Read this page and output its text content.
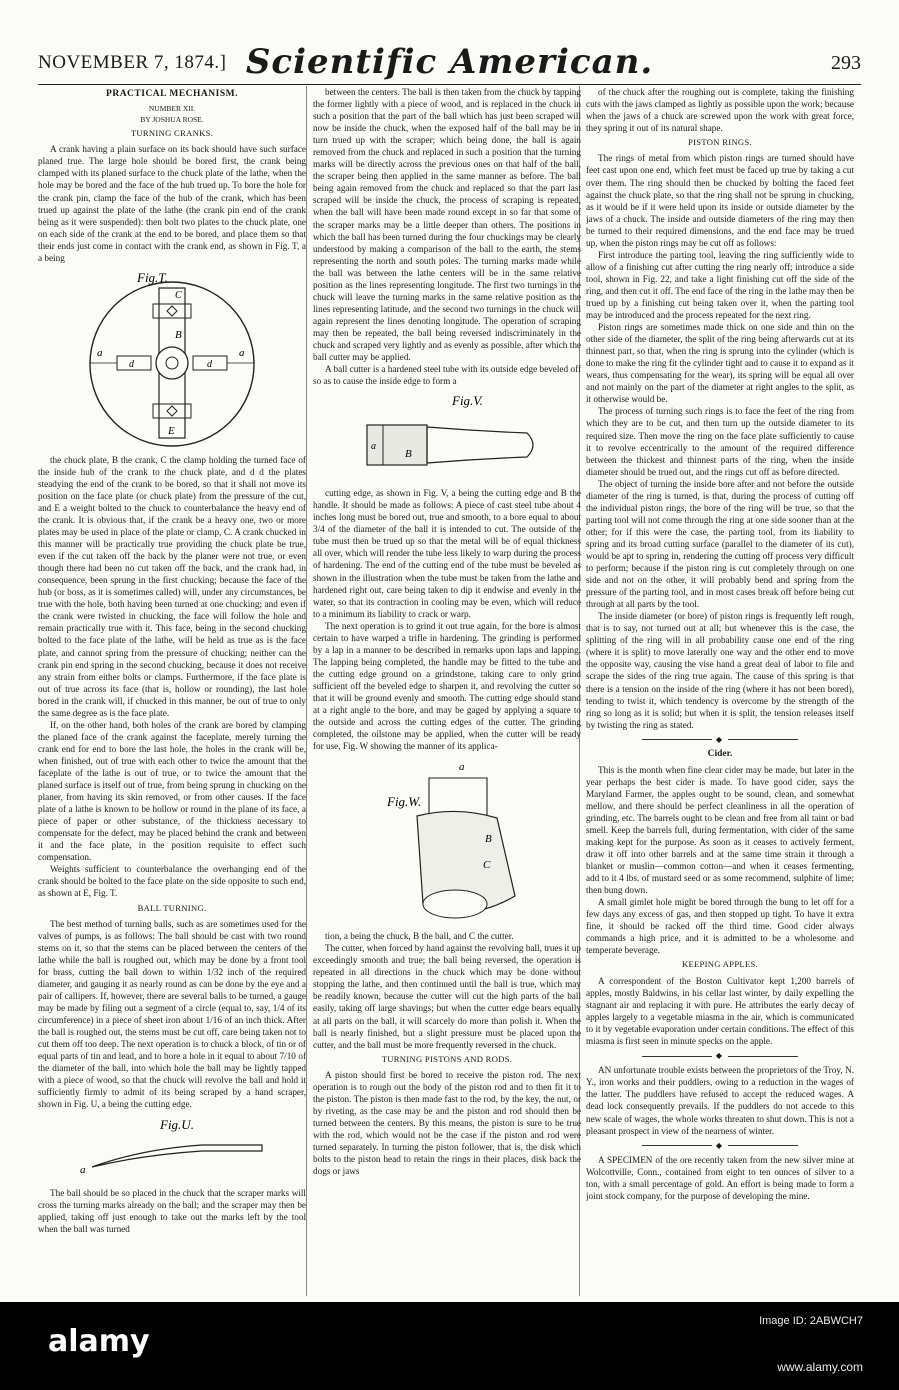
NOVEMBER 7, 1874.] Scientific American.	293
PRACTICAL MECHANISM.
NUMBER XII.
BY JOSHUA ROSE.
TURNING CRANKS.

A crank having a plain surface on its back should have such surface planed true. The large hole should be bored first, the crank being clamped with its planed surface to the chuck plate of the lathe, when the hole may be bored and the face of the hub trued up. To bore the hole for the crank pin, clamp the face of the hub of the crank, which has been trued up against the plate of the lathe (the crank pin end of the crank being as it were suspended): then bolt two plates to the chuck plate, one on each side of the crank at the end to be bored, and place them so that their ends just come in contact with the crank end, as shown in Fig. T, a a being

Fig.T.
a	a
B
C
d	d
E

the chuck plate, B the crank, C the clamp holding the turned face of the inside hub of the crank to the chuck plate, and d d the plates steadying the end of the crank to be bored, so that it shall not move its position on the face plate (or chuck plate) from the pressure of the cut, and E a weight bolted to the chuck to counterbalance the heavy end of the crank. It is obvious that, if the crank be a heavy one, two or more plates may be used in place of the plate or clamp, C. A crank chucked in this manner will be practically true providing the chuck plate be true, even if the cut taken off the back by the planer were not true, or even though there had been no cut taken off the back, and the crank had, in consequence, been sprung in the first chucking; because the face of the hub (or boss, as it is sometimes called) will, under any circumstances, be true with the hole, both having been turned at one chucking; and even if the crank were twisted in chucking, the face will follow the hole and remain practically true with it. This face, being in the second chucking bolted to the face plate of the lathe, will be held as true as is the face plate, and cannot spring from the pressure of chucking; neither can the crank pin end spring in the second chucking, because it does not receive any strain from either bolts or clamps. Furthermore, if the face plate is out of true across its face (that is, hollow or rounding), the last hole bored in the crank will, if chucked in this manner, be out of true to only the same degree as is the face plate.

If, on the other hand, both holes of the crank are bored by clamping the planed face of the crank against the faceplate, merely turning the crank end for end to bore the last hole, the holes in the crank will be, when finished, out of true with each other to twice the amount that the faceplate of the lathe is out of true, or to twice the amount that the planed surface is itself out of true, from being sprung in chucking on the planer, from having its skin removed, or from other causes. If the face plate of a lathe is known to be hollow or round in the plane of its face, a piece of paper or other substance, of the thickness necessary to compensate for the defect, may be placed behind the crank and between it and the face plate, in the position requisite to effect such compensation.

Weights sufficient to counterbalance the overhanging end of the crank should be bolted to the face plate on the side opposite to such end, as shown at E, Fig. T.

BALL TURNING.

The best method of turning balls, such as are sometimes used for the valves of pumps, is as follows: The ball should be cast with two round stems on it, so that the stems can be placed between the centers of the lathe while the ball is roughed out, which may be done by a front tool for brass, cutting the ball down to within 1/32 inch of the required diameter, and gauging it as nearly round as can be done by the eye and a pair of callipers. If, however, there are several balls to be turned, a gauge may be made by filing out a segment of a circle (equal to, say, 1/4 of its circumference) in a piece of sheet iron about 1/16 of an inch thick. After the ball is roughed out, the stems must be cut off, care being taken not to cut them off too deep. The next operation is to chuck a block, of tin or of equal parts of tin and lead, and to bore a hole in it equal to about 7/10 of the diameter of the ball, into which hole the ball may be lightly tapped with a piece of wood, so that the chuck will revolve the ball and hold it sufficiently firmly to admit of its being scraped by a hand scraper, shown in Fig. U, a being the cutting edge.

Fig.U.
a

The ball should be so placed in the chuck that the scraper marks will cross the turning marks already on the ball; and the scraper may then be applied, taking off just enough to take out the marks left by the tool when the ball was turned

between the centers. The ball is then taken from the chuck by tapping the former lightly with a piece of wood, and is replaced in the chuck in such a position that the part of the ball which has just been scraped will now be inside the chuck, when the exposed half of the ball may be in turn trued up with the scraper; which being done, the ball is again removed from the chuck and replaced in such a position that the turning marks will be directly across the previous ones on that half of the ball, the scraper being then applied in the same manner as before. The ball being again removed from the chuck and replaced so that the part last scraped will be inside the chuck, the process of scraping is repeated, when the ball will have been made round except in so far that some of the scraper marks may be a little deeper than others. The positions in which the ball has been turned during the four chuckings may be clearly understood by making a comparison of the ball to the earth, the stems representing the north and south poles. The turning marks made while the ball was between the lathe centers will be in the same relative position as the lines representing longitude. The first two turnings in the chuck will leave the turning marks in the same relative position as the lines representing latitude, and the second two turnings in the chuck will again represent the lines denoting longitude. The operation of scraping may then be repeated, the ball being reversed indiscriminately in the chuck and scraped very lightly and as evenly as possible, after which the ball cutter may be applied.

A ball cutter is a hardened steel tube with its outside edge beveled off so as to cause the inside edge to form a

Fig.V.
a
B

cutting edge, as shown in Fig. V, a being the cutting edge and B the handle. It should be made as follows: A piece of cast steel tube about 4 inches long must be bored out, true and smooth, to a bore equal to about 3/4 of the diameter of the ball it is intended to cut. The outside of the tube must then be trued up so that the metal will be of equal thickness all over, which will render the tube less likely to warp during the process of hardening. The end of the cutting end of the tube must be beveled as shown in the illustration when the tube must be taken from the lathe and hardened right out, care being taken to dip it endwise and evenly in the water, so that its contraction in cooling may be even, which will reduce to a minimum its liability to crack or warp.

The next operation is to grind it out true again, for the bore is almost certain to have warped a trifle in hardening. The grinding is performed by a lap in a manner to be described in remarks upon laps and lapping. The lapping being completed, the handle may be fitted to the tube and the cutting edge ground on a grindstone, taking care to only grind sufficient off the beveled edge to sharpen it, and revolving the cutter so that it will be ground evenly and smooth. The cutting edge should stand at a right angle to the bore, and may be gaged by applying a square to the outside and across the cutting edges of the cutter. The grinding completed, the oilstone may be applied, when the cutter will be ready for use, Fig. W showing the manner of its applica-

Fig.W.
a
B
C

tion, a being the chuck, B the ball, and C the cutter.

The cutter, when forced by hand against the revolving ball, trues it up exceedingly smooth and true; the ball being reversed, the operation is repeated in all directions in the chuck which may be done without stopping the lathe, and then continued until the ball is true, which may be readily known, because the cutter will cut the high parts of the ball easily, taking off large shavings; but when the cutter edge bears equally at all parts on the ball, it will scarcely do more than polish it. When the ball is nearly finished, but a slight pressure must be placed upon the cutter, and the ball must be more frequently reversed in the chuck.

TURNING PISTONS AND RODS.

A piston should first be bored to receive the piston rod. The next operation is to rough out the body of the piston rod and to then fit it to the piston. The piston is then made fast to the rod, by the key, the nut, or by riveting, as the case may be and the piston and rod should then be turned between the centers. By this means, the piston is sure to be true with the rod, which would not be the case if the piston and rod were turned separately. In turning the piston follower, that is, the disk which bolts to the piston head to retain the rings in their places, disk back the dogs or jaws

of the chuck after the roughing out is complete, taking the finishing cuts with the jaws clamped as lightly as possible upon the work; because when the jaws of a chuck are screwed upon the work with great force, they spring it out of its natural shape.

PISTON RINGS.

The rings of metal from which piston rings are turned should have feet cast upon one end, which feet must be faced up true by taking a cut over them. The ring should then be chucked by bolting the faced feet against the chuck plate, so that the ring shall not be sprung in chucking, as it would be if it were held upon its inside or outside diameter by the jaws of a chuck. The inside and outside diameters of the ring may then be turned to their required dimensions, and the end face may be trued up, when the piston rings may be cut off as follows:

First introduce the parting tool, leaving the ring sufficiently wide to allow of a finishing cut after cutting the ring nearly off; introduce a side tool, shown in Fig. 22, and take a light finishing cut off the side of the ring, and then cut it off. The end face of the ring in the lathe may then be trued up by a finishing cut being taken over it, when the parting tool may be introduced and the process repeated for the next ring.

Piston rings are sometimes made thick on one side and thin on the other side of the diameter, the split of the ring being afterwards cut at its thinnest part, so that, when the ring is sprung into the cylinder (which is done to make the ring fit the cylinder tight and to cause it to expand as it wears, thus compensating for the wear), its spring will be equal all over and not mainly on the part of the diameter at right angles to the split, as it otherwise would be.

The process of turning such rings is to face the feet of the ring from which they are to be cut, and then turn up the outside diameter to its required size. Then move the ring on the face plate sufficiently to cause it to revolve eccentrically to the amount of the required difference between the thickest and thinnest parts of the ring, when the inside diameter should be trued out, and the rings cut off as before directed.

The object of turning the inside bore after and not before the outside diameter of the ring is turned, is that, during the process of cutting off the individual piston rings, the bore of the ring will be true, so that the parting tool will not come through the ring at one side sooner than at the other; for if this were the case, the parting tool, from its liability to spring and its broad cutting surface (parallel to the diameter of its cut), would be apt to spring in, rendering the cutting off process very difficult to perform; because if the piston ring is cut completely through on one side and not on the other, it will probably bend and spring from the pressure of the parting tool, and in most cases break off before being cut through at all parts by the tool.

The inside diameter (or bore) of piston rings is frequently left rough, that is to say, not turned out at all; but whenever this is the case, the splitting of the ring will in all probability cause one end of the ring (where it is split) to move laterally one way and the other end to move the opposite way, causing the vise hand a great deal of labor to file and scrape the sides of the ring true again. The cause of this spring is that there is a tension on the inside of the ring (where it has not been bored), tending to twist it, which tendency is overcome by the strength of the ring so long as it is solid; but when it is split, the tension releases itself by twisting the ring as stated.

◆
Cider.

This is the month when fine clear cider may be made, but later in the year perhaps the best cider is made. To have good cider, says the Maryland Farmer, the apples ought to be sound, clean, and somewhat mellow, and there should be perfect cleanliness in all the operation of grinding, etc. The barrels ought to be clean and free from all taint or bad smell. Keep the barrels full, during fermentation, with cider of the same making kept for the purpose. As soon as it ceases to actively ferment, draw it off into other barrels and at the same time strain it through a blanket or muslin—common cotton—and when it ceases fermenting, add to it 4 lbs. of mustard seed or as some recommend, sulphite of lime; then bung down.

A small gimlet hole might be bored through the bung to let off for a few days any excess of gas, and then stopped up tight. To have it extra fine, it should be racked off the third time. Good cider always commands a high price, and it is admitted to be a wholesome and temperate beverage.

KEEPING APPLES.

A correspondent of the Boston Cultivator kept 1,200 barrels of apples, mostly Baldwins, in his cellar last winter, by daily expelling the stagnant air and replacing it with pure. He attributes the early decay of apples largely to a vegetable miasma in the air, which is communicated to it by vegetable evaporation under certain conditions. The effect of this miasma is first seen in minute specks on the apple.

◆

AN unfortunate trouble exists between the proprietors of the Troy, N. Y., iron works and their puddlers, owing to a reduction in the wages of the latter. The puddlers have refused to accept the reduced wages. A dead lock consequently prevails. If the puddlers do not accede to this new scale of wages, the whole works threaten to shut down. This is not a pleasant prospect in view of the nearness of winter.

◆

A SPECIMEN of the ore recently taken from the new silver mine at Wolcottville, Conn., contained from eight to ten ounces of silver to a ton, with a small percentage of gold. An effort is being made to form a joint stock company, for the purpose of developing the mine.

alamy
Image ID: 2ABWCH7
www.alamy.com
